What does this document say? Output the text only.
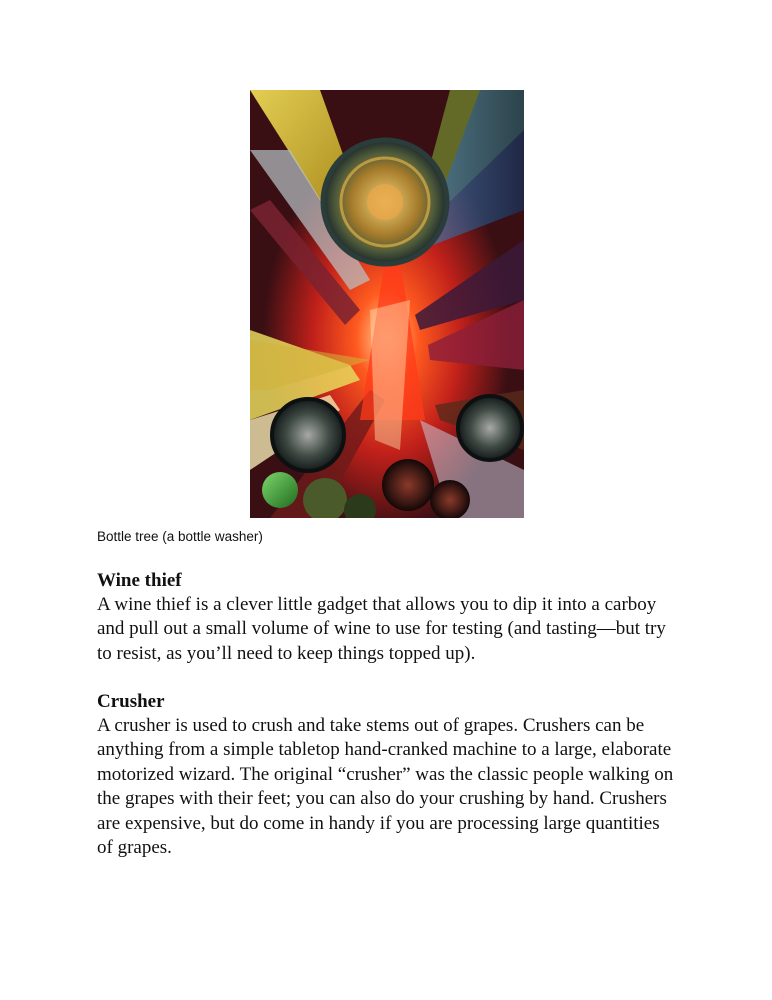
Bottle tree (a bottle washer)
Wine thief
A wine thief is a clever little gadget that allows you to dip it into a carboy
and pull out a small volume of wine to use for testing (and tasting—but try
to resist, as you’ll need to keep things topped up).
Crusher
A crusher is used to crush and take stems out of grapes. Crushers can be
anything from a simple tabletop hand-cranked machine to a large, elaborate
motorized wizard. The original “crusher” was the classic people walking on
the grapes with their feet; you can also do your crushing by hand. Crushers
are expensive, but do come in handy if you are processing large quantities
of grapes.
